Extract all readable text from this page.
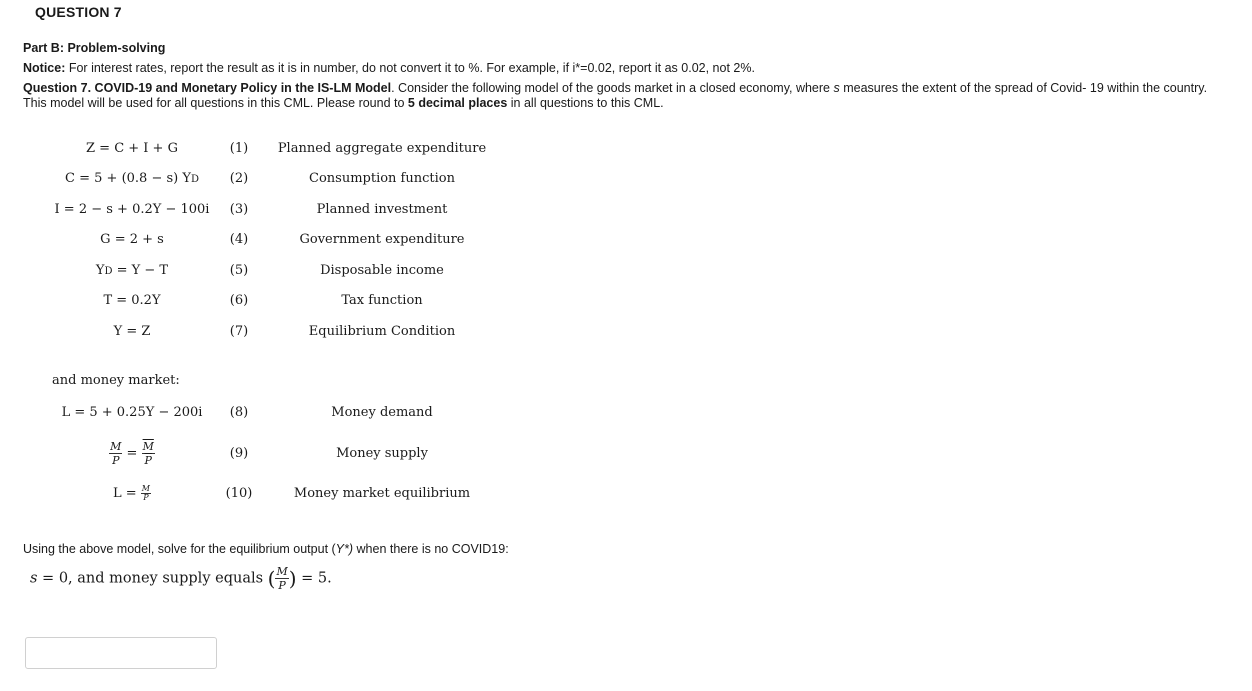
QUESTION 7
Part B: Problem-solving
Notice: For interest rates, report the result as it is in number, do not convert it to %. For example, if i*=0.02, report it as 0.02, not 2%.
Question 7. COVID-19 and Monetary Policy in the IS-LM Model. Consider the following model of the goods market in a closed economy, where s measures the extent of the spread of Covid- 19 within the country. This model will be used for all questions in this CML. Please round to 5 decimal places in all questions to this CML.
Z = C + I + G	(1)	Planned aggregate expenditure
C = 5 + (0.8 − s) YD	(2)	Consumption function
I = 2 − s + 0.2Y − 100i	(3)	Planned investment
G = 2 + s	(4)	Government expenditure
YD = Y − T	(5)	Disposable income
T = 0.2Y	(6)	Tax function
Y = Z	(7)	Equilibrium Condition
and money market:
L = 5 + 0.25Y − 200i	(8)	Money demand
$\frac{M}{P} = \frac{\overline{M}}{P}$	(9)	Money supply
$L = \frac{M}{P}$	(10)	Money market equilibrium
Using the above model, solve for the equilibrium output (Y*) when there is no COVID19:
s = 0, and money supply equals ( $\frac{M}{P}$ ) = 5.
